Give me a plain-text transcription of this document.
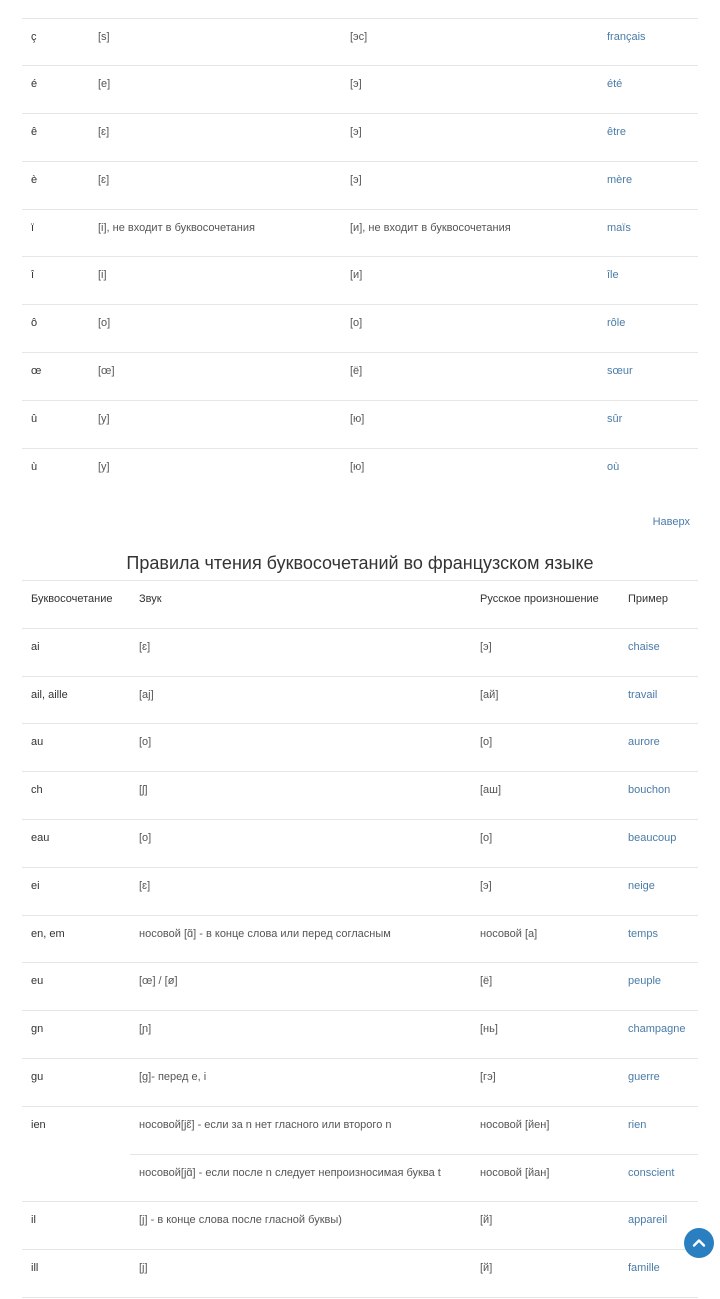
ç	[s]	[эс]	français
é	[e]	[э]	été
ê	[ɛ]	[э]	être
è	[ɛ]	[э]	mère
ï	[i], не входит в буквосочетания	[и], не входит в буквосочетания	maïs
î	[i]	[и]	île
ô	[o]	[о]	rôle
œ	[œ]	[ё]	sœur
û	[y]	[ю]	sûr
ù	[y]	[ю]	où
Наверх
Правила чтения буквосочетаний во французском языке
Буквосочетание	Звук	Русское произношение	Пример
ai	[ɛ]	[э]	chaise
ail, aille	[aj]	[ай]	travail
au	[o]	[о]	aurore
ch	[ʃ]	[аш]	bouchon
eau	[o]	[о]	beaucoup
ei	[ɛ]	[э]	neige
en, em	носовой [ɑ̃] - в конце слова или перед согласным	носовой [а]	temps
eu	[œ] / [ø]	[ё]	peuple
gn	[ɲ]	[нь]	champagne
gu	[g]- перед e, i	[гэ]	guerre
ien	носовой[jɛ̃] - если за n нет гласного или второго n	носовой [йен]	rien
	носовой[jɑ̃] - если после n следует непроизносимая буква t	носовой [йан]	conscient
il	[j] - в конце слова после гласной буквы)	[й]	appareil
ill	[j]	[й]	famille
